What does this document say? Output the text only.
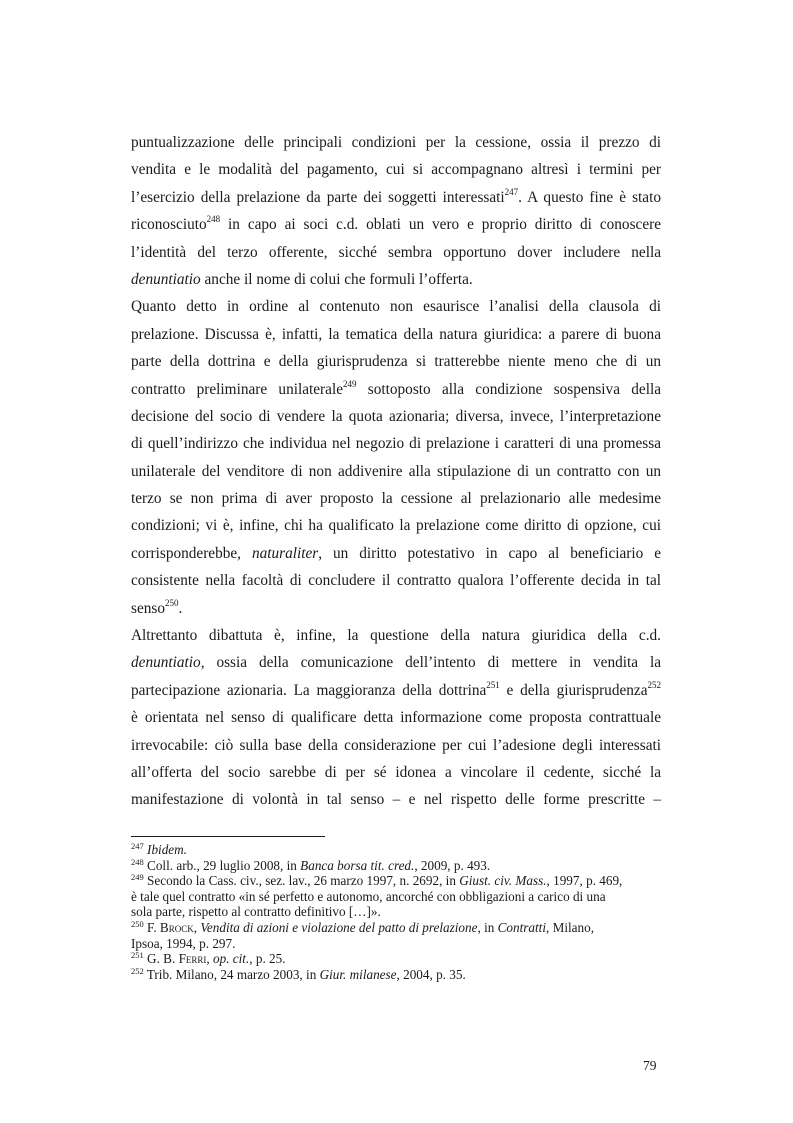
puntualizzazione delle principali condizioni per la cessione, ossia il prezzo di
vendita e le modalità del pagamento, cui si accompagnano altresì i termini per
l’esercizio della prelazione da parte dei soggetti interessati$^{247}$. A questo fine è stato
riconosciuto$^{248}$ in capo ai soci c.d. oblati un vero e proprio diritto di conoscere
l’identità del terzo offerente, sicché sembra opportuno dover includere nella
denuntiatio anche il nome di colui che formuli l’offerta.
Quanto detto in ordine al contenuto non esaurisce l’analisi della clausola di
prelazione. Discussa è, infatti, la tematica della natura giuridica: a parere di buona
parte della dottrina e della giurisprudenza si tratterebbe niente meno che di un
contratto preliminare unilaterale$^{249}$ sottoposto alla condizione sospensiva della
decisione del socio di vendere la quota azionaria; diversa, invece, l’interpretazione
di quell’indirizzo che individua nel negozio di prelazione i caratteri di una promessa
unilaterale del venditore di non addivenire alla stipulazione di un contratto con un
terzo se non prima di aver proposto la cessione al prelazionario alle medesime
condizioni; vi è, infine, chi ha qualificato la prelazione come diritto di opzione, cui
corrisponderebbe, naturaliter, un diritto potestativo in capo al beneficiario e
consistente nella facoltà di concludere il contratto qualora l’offerente decida in tal
senso$^{250}$.
Altrettanto dibattuta è, infine, la questione della natura giuridica della c.d.
denuntiatio, ossia della comunicazione dell’intento di mettere in vendita la
partecipazione azionaria. La maggioranza della dottrina$^{251}$ e della giurisprudenza$^{252}$
è orientata nel senso di qualificare detta informazione come proposta contrattuale
irrevocabile: ciò sulla base della considerazione per cui l’adesione degli interessati
all’offerta del socio sarebbe di per sé idonea a vincolare il cedente, sicché la
manifestazione di volontà in tal senso – e nel rispetto delle forme prescritte –
$^{247}$ Ibidem.
$^{248}$ Coll. arb., 29 luglio 2008, in Banca borsa tit. cred., 2009, p. 493.
$^{249}$ Secondo la Cass. civ., sez. lav., 26 marzo 1997, n. 2692, in Giust. civ. Mass., 1997, p. 469,
è tale quel contratto «in sé perfetto e autonomo, ancorché con obbligazioni a carico di una
sola parte, rispetto al contratto definitivo […]».
$^{250}$ F. Brock, Vendita di azioni e violazione del patto di prelazione, in Contratti, Milano,
Ipsoa, 1994, p. 297.
$^{251}$ G. B. Ferri, op. cit., p. 25.
$^{252}$ Trib. Milano, 24 marzo 2003, in Giur. milanese, 2004, p. 35.
79
